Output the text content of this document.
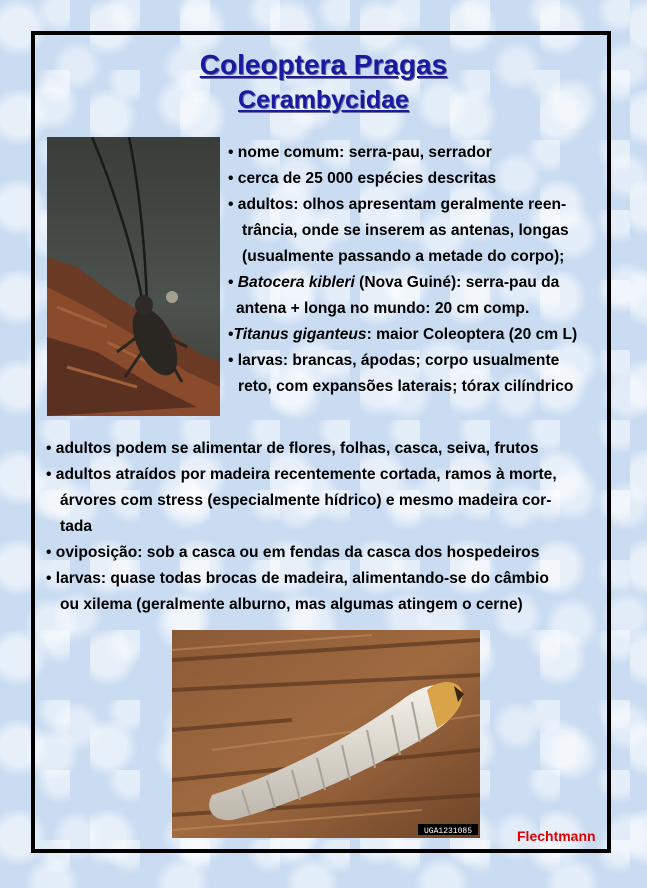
Coleoptera Pragas
Cerambycidae
• nome comum: serra-pau, serrador
• cerca de 25 000 espécies descritas
• adultos: olhos apresentam geralmente reen-
trância, onde se inserem as antenas, longas
(usualmente passando a metade do corpo);
• Batocera kibleri (Nova Guiné): serra-pau da
antena + longa no mundo: 20 cm comp.
•Titanus giganteus: maior Coleoptera (20 cm L)
• larvas: brancas, ápodas; corpo usualmente
reto, com expansões laterais; tórax cilíndrico
• adultos podem se alimentar de flores, folhas, casca, seiva, frutos
• adultos atraídos por madeira recentemente cortada, ramos à morte,
árvores com stress (especialmente hídrico) e mesmo madeira cor-
tada
• oviposição: sob a casca ou em fendas da casca dos hospedeiros
• larvas: quase todas brocas de madeira, alimentando-se do câmbio
ou xilema (geralmente alburno, mas algumas atingem o cerne)
UGA1231085	Flechtmann
